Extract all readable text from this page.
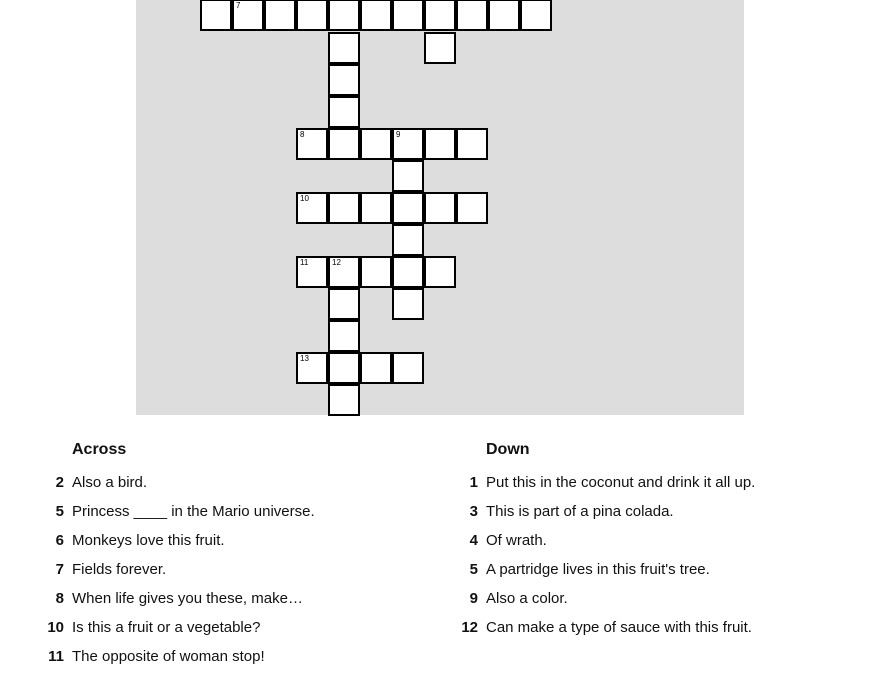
7
8	9
10
11	12
13
Across
2 Also a bird.
5 Princess ____ in the Mario universe.
6 Monkeys love this fruit.
7 Fields forever.
8 When life gives you these, make…
10 Is this a fruit or a vegetable?
11 The opposite of woman stop!
Down
1 Put this in the coconut and drink it all up.
3 This is part of a pina colada.
4 Of wrath.
5 A partridge lives in this fruit's tree.
9 Also a color.
12 Can make a type of sauce with this fruit.
